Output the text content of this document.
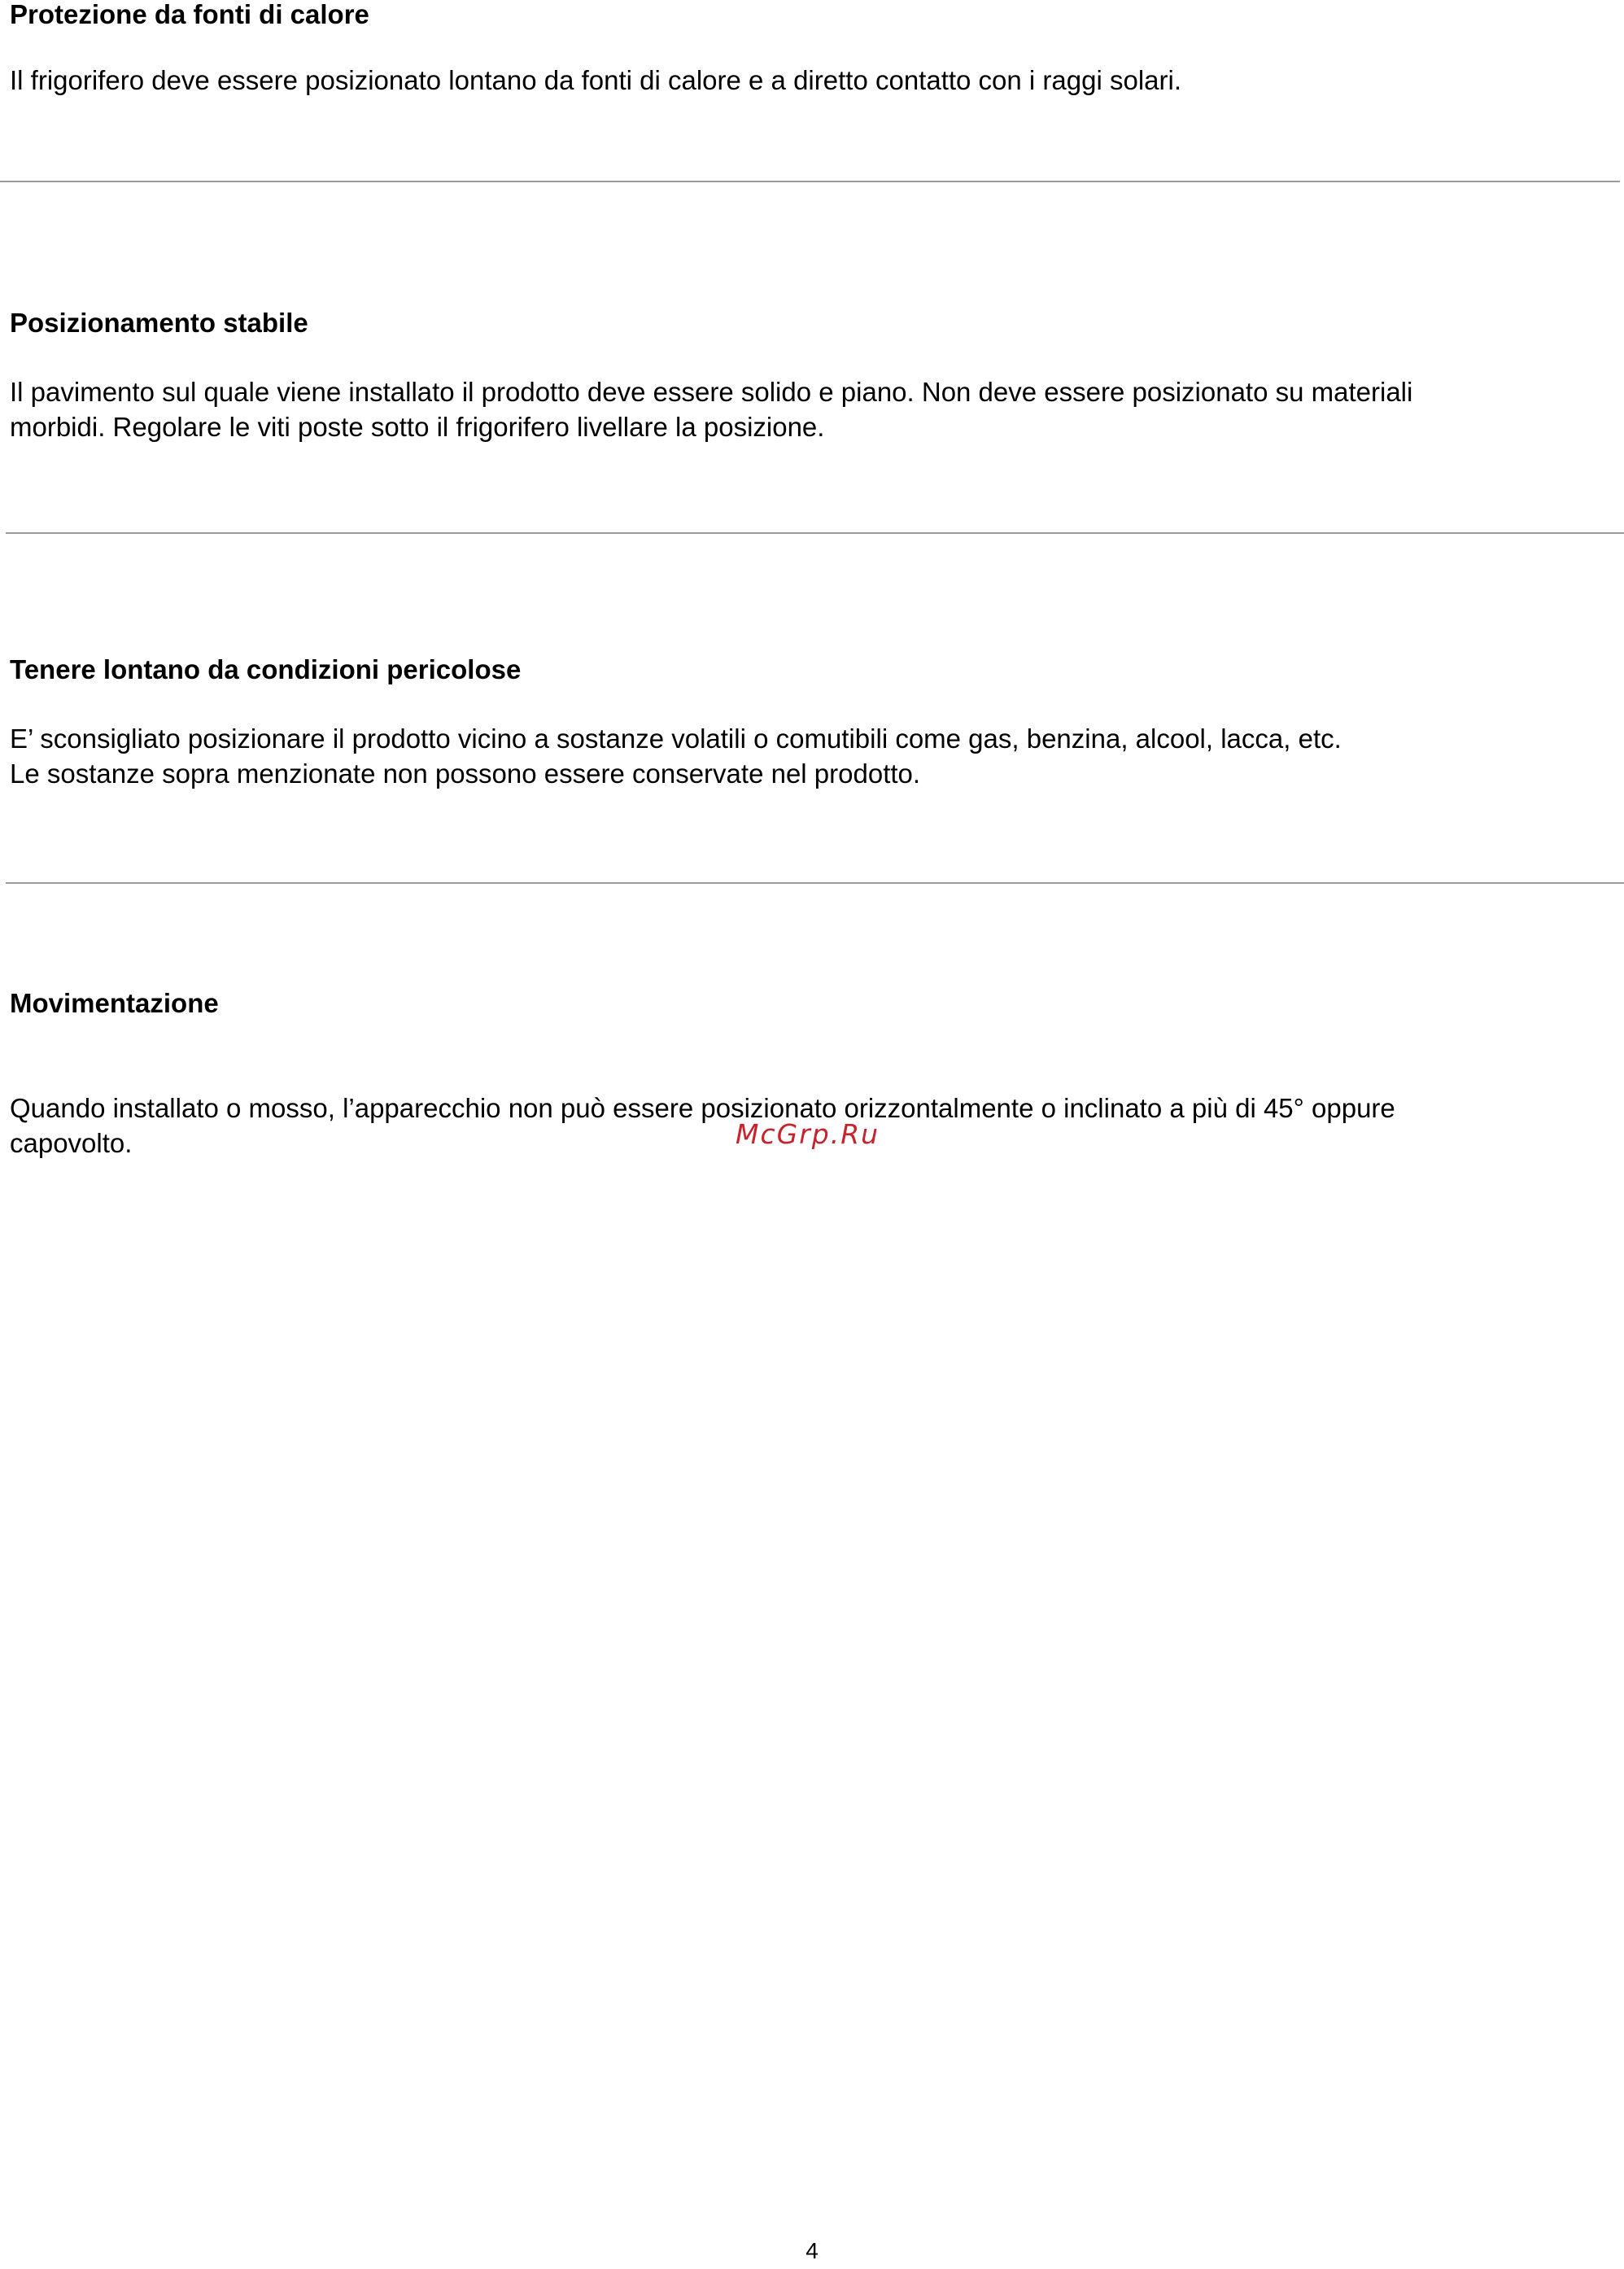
Protezione da fonti di calore

Il frigorifero deve essere posizionato lontano da fonti di calore e a diretto contatto con i raggi solari.

Posizionamento stabile

Il pavimento sul quale viene installato il prodotto deve essere solido e piano. Non deve essere posizionato su materiali
morbidi. Regolare le viti poste sotto il frigorifero livellare la posizione.

Tenere lontano da condizioni pericolose

E’ sconsigliato posizionare il prodotto vicino a sostanze volatili o comutibili come gas, benzina, alcool, lacca, etc.
Le sostanze sopra menzionate non possono essere conservate nel prodotto.

Movimentazione

Quando installato o mosso, l’apparecchio non può essere posizionato orizzontalmente o inclinato a più di 45° oppure
capovolto.	McGrp.Ru
4
